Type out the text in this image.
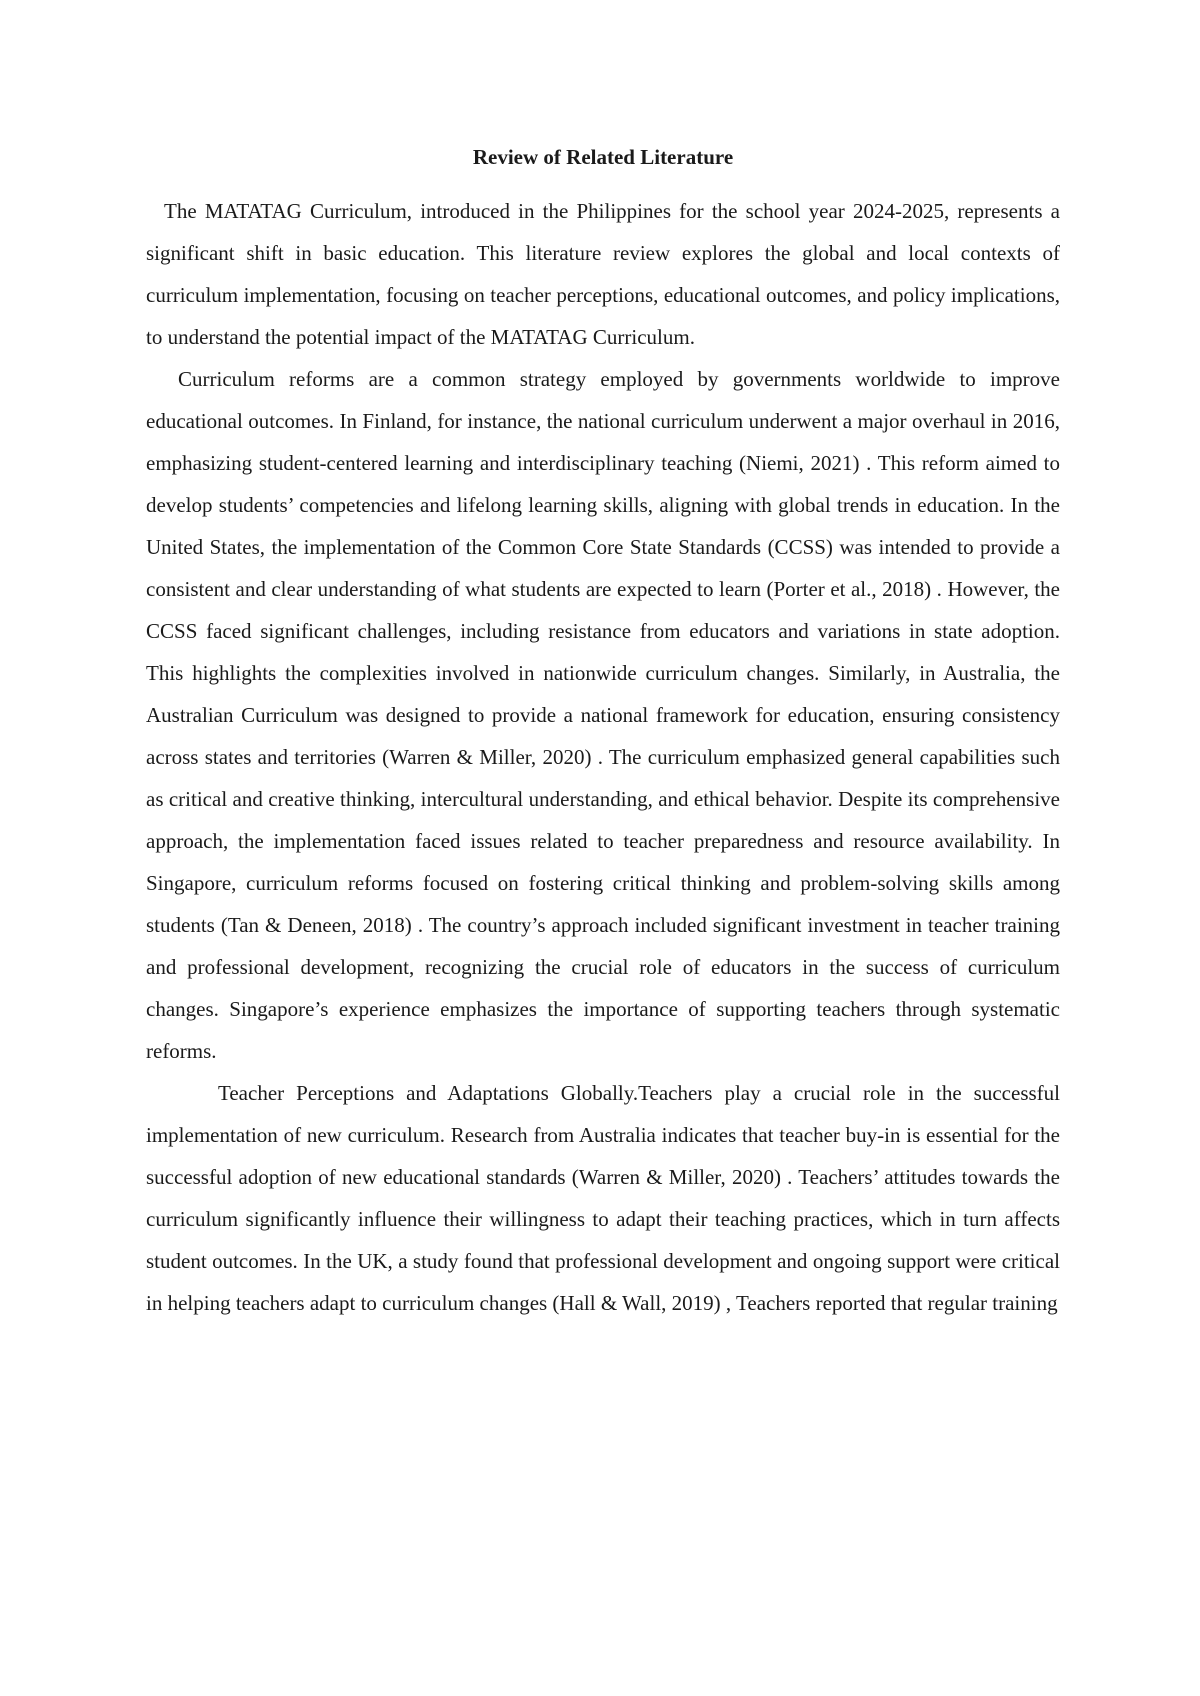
Review of Related Literature

The MATATAG Curriculum, introduced in the Philippines for the school year 2024-2025, represents a significant shift in basic education. This literature review explores the global and local contexts of curriculum implementation, focusing on teacher perceptions, educational outcomes, and policy implications, to understand the potential impact of the MATATAG Curriculum.

Curriculum reforms are a common strategy employed by governments worldwide to improve educational outcomes. In Finland, for instance, the national curriculum underwent a major overhaul in 2016, emphasizing student-centered learning and interdisciplinary teaching (Niemi, 2021) . This reform aimed to develop students’ competencies and lifelong learning skills, aligning with global trends in education. In the United States, the implementation of the Common Core State Standards (CCSS) was intended to provide a consistent and clear understanding of what students are expected to learn (Porter et al., 2018) . However, the CCSS faced significant challenges, including resistance from educators and variations in state adoption. This highlights the complexities involved in nationwide curriculum changes. Similarly, in Australia, the Australian Curriculum was designed to provide a national framework for education, ensuring consistency across states and territories (Warren & Miller, 2020) . The curriculum emphasized general capabilities such as critical and creative thinking, intercultural understanding, and ethical behavior. Despite its comprehensive approach, the implementation faced issues related to teacher preparedness and resource availability. In Singapore, curriculum reforms focused on fostering critical thinking and problem-solving skills among students (Tan & Deneen, 2018) . The country’s approach included significant investment in teacher training and professional development, recognizing the crucial role of educators in the success of curriculum changes. Singapore’s experience emphasizes the importance of supporting teachers through systematic reforms.

Teacher Perceptions and Adaptations Globally.Teachers play a crucial role in the successful implementation of new curriculum. Research from Australia indicates that teacher buy-in is essential for the successful adoption of new educational standards (Warren & Miller, 2020) . Teachers’ attitudes towards the curriculum significantly influence their willingness to adapt their teaching practices, which in turn affects student outcomes. In the UK, a study found that professional development and ongoing support were critical in helping teachers adapt to curriculum changes (Hall & Wall, 2019) , Teachers reported that regular training
